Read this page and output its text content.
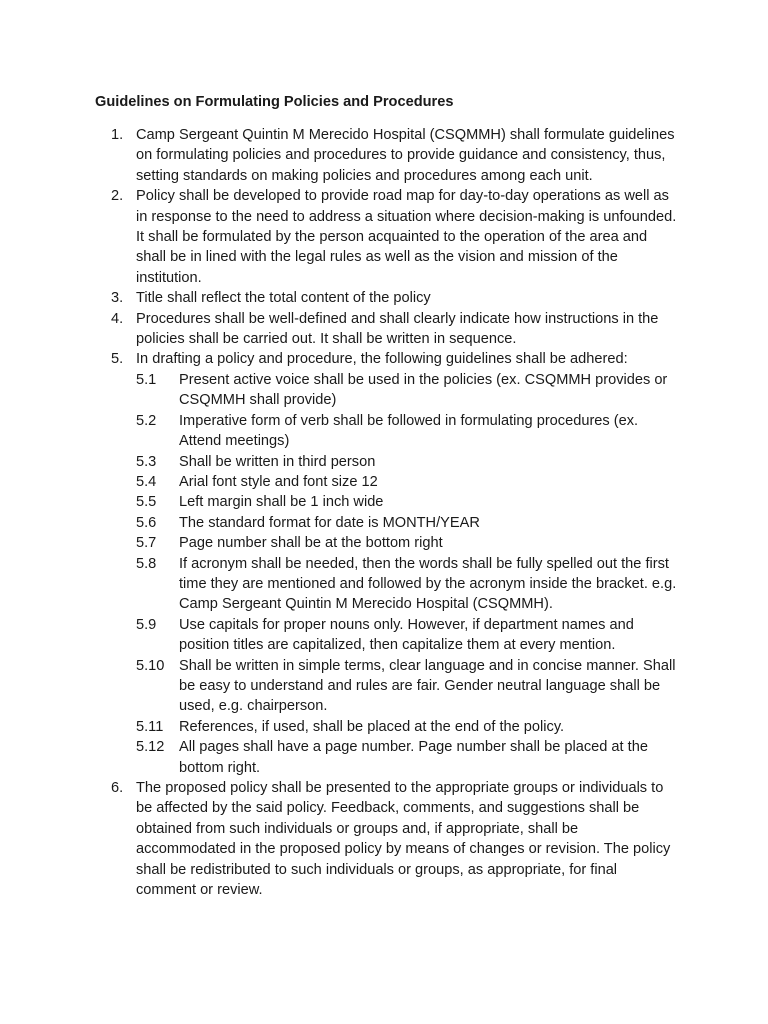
Guidelines on Formulating Policies and Procedures
1. Camp Sergeant Quintin M Merecido Hospital (CSQMMH) shall formulate guidelines on formulating policies and procedures to provide guidance and consistency, thus, setting standards on making policies and procedures among each unit.
2. Policy shall be developed to provide road map for day-to-day operations as well as in response to the need to address a situation where decision-making is unfounded. It shall be formulated by the person acquainted to the operation of the area and shall be in lined with the legal rules as well as the vision and mission of the institution.
3. Title shall reflect the total content of the policy
4. Procedures shall be well-defined and shall clearly indicate how instructions in the policies shall be carried out. It shall be written in sequence.
5. In drafting a policy and procedure, the following guidelines shall be adhered:
5.1 Present active voice shall be used in the policies (ex. CSQMMH provides or CSQMMH shall provide)
5.2 Imperative form of verb shall be followed in formulating procedures (ex. Attend meetings)
5.3 Shall be written in third person
5.4 Arial font style and font size 12
5.5 Left margin shall be 1 inch wide
5.6 The standard format for date is MONTH/YEAR
5.7 Page number shall be at the bottom right
5.8 If acronym shall be needed, then the words shall be fully spelled out the first time they are mentioned and followed by the acronym inside the bracket. e.g. Camp Sergeant Quintin M Merecido Hospital (CSQMMH).
5.9 Use capitals for proper nouns only. However, if department names and position titles are capitalized, then capitalize them at every mention.
5.10 Shall be written in simple terms, clear language and in concise manner. Shall be easy to understand and rules are fair. Gender neutral language shall be used, e.g. chairperson.
5.11 References, if used, shall be placed at the end of the policy.
5.12 All pages shall have a page number. Page number shall be placed at the bottom right.
6. The proposed policy shall be presented to the appropriate groups or individuals to be affected by the said policy. Feedback, comments, and suggestions shall be obtained from such individuals or groups and, if appropriate, shall be accommodated in the proposed policy by means of changes or revision. The policy shall be redistributed to such individuals or groups, as appropriate, for final comment or review.
